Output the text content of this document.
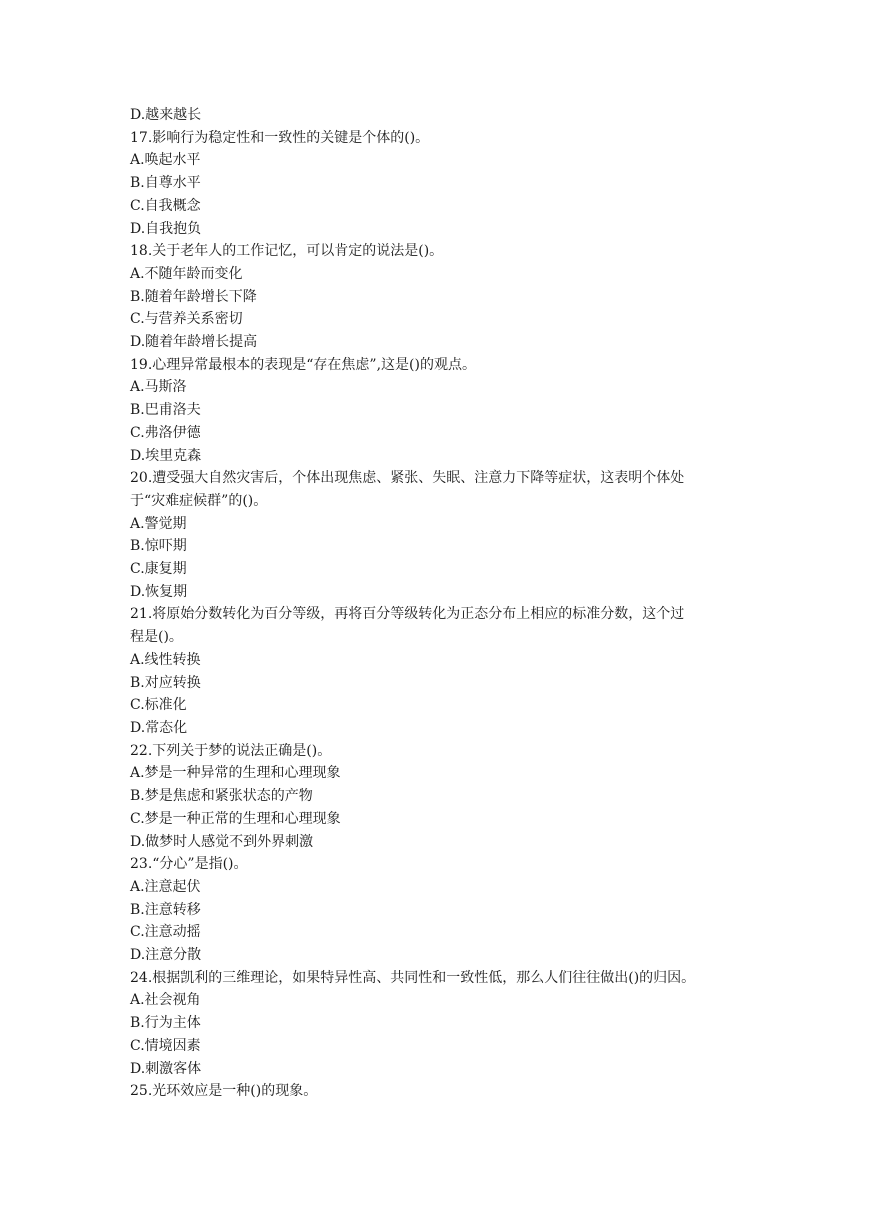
D.越来越长
17.影响行为稳定性和一致性的关键是个体的()。
A.唤起水平
B.自尊水平
C.自我概念
D.自我抱负
18.关于老年人的工作记忆，可以肯定的说法是()。
A.不随年龄而变化
B.随着年龄增长下降
C.与营养关系密切
D.随着年龄增长提高
19.心理异常最根本的表现是“存在焦虑”,这是()的观点。
A.马斯洛
B.巴甫洛夫
C.弗洛伊德
D.埃里克森
20.遭受强大自然灾害后，个体出现焦虑、紧张、失眠、注意力下降等症状，这表明个体处
于“灾难症候群”的()。
A.警觉期
B.惊吓期
C.康复期
D.恢复期
21.将原始分数转化为百分等级，再将百分等级转化为正态分布上相应的标准分数，这个过
程是()。
A.线性转换
B.对应转换
C.标准化
D.常态化
22.下列关于梦的说法正确是()。
A.梦是一种异常的生理和心理现象
B.梦是焦虑和紧张状态的产物
C.梦是一种正常的生理和心理现象
D.做梦时人感觉不到外界刺激
23.“分心”是指()。
A.注意起伏
B.注意转移
C.注意动摇
D.注意分散
24.根据凯利的三维理论，如果特异性高、共同性和一致性低，那么人们往往做出()的归因。
A.社会视角
B.行为主体
C.情境因素
D.刺激客体
25.光环效应是一种()的现象。
